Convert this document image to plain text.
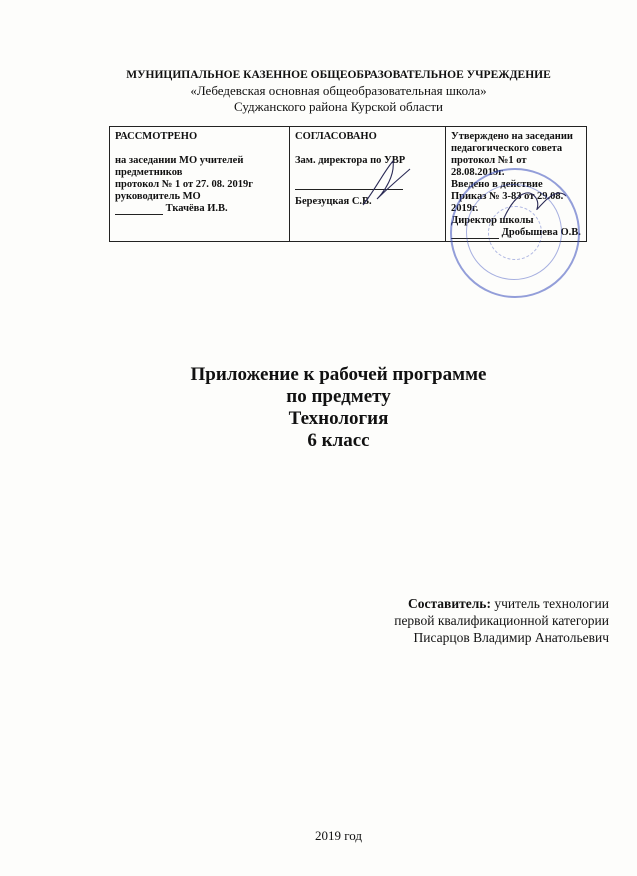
МУНИЦИПАЛЬНОЕ КАЗЕННОЕ ОБЩЕОБРАЗОВАТЕЛЬНОЕ УЧРЕЖДЕНИЕ
«Лебедевская основная общеобразовательная школа»
Суджанского района Курской области
РАССМОТРЕНО
на заседании МО учителей предметников
протокол № 1 от 27. 08. 2019г
руководитель МО
Ткачёва И.В.

СОГЛАСОВАНО
Зам. директора по УВР
Березуцкая С.В.

Утверждено на заседании педагогического совета
протокол №1 от 28.08.2019г.
Введено в действие
Приказ № 3-83 от 29.08. 2019г.
Директор школы
Дробышева О.В.
Приложение к рабочей программе
по предмету
Технология
6 класс
Составитель: учитель технологии
первой квалификационной категории
Писарцов Владимир Анатольевич
2019 год
